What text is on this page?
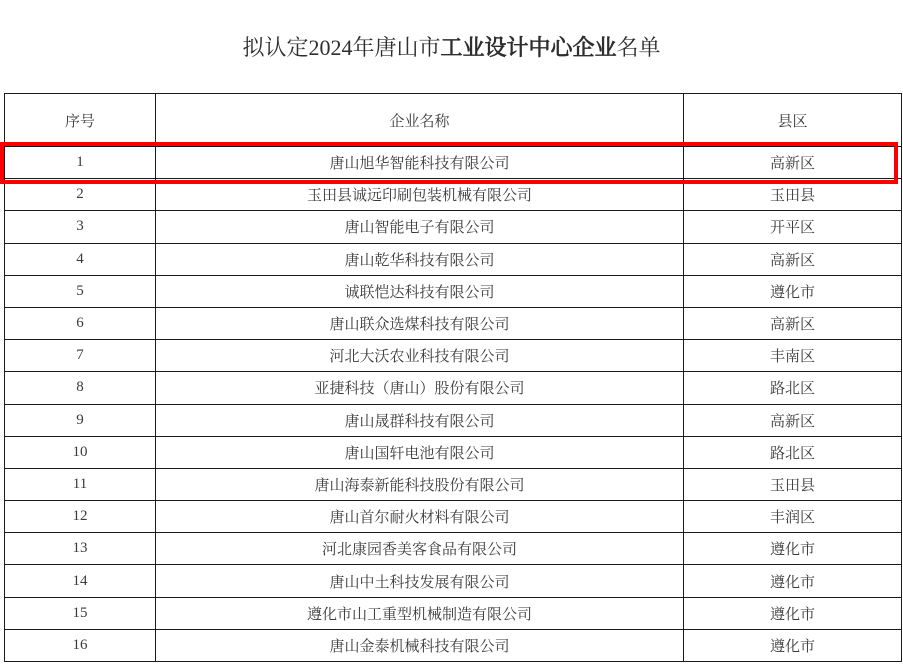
拟认定2024年唐山市工业设计中心企业名单
序号	企业名称	县区
1	唐山旭华智能科技有限公司	高新区
2	玉田县诚远印刷包装机械有限公司	玉田县
3	唐山智能电子有限公司	开平区
4	唐山乾华科技有限公司	高新区
5	诚联恺达科技有限公司	遵化市
6	唐山联众选煤科技有限公司	高新区
7	河北大沃农业科技有限公司	丰南区
8	亚捷科技（唐山）股份有限公司	路北区
9	唐山晟群科技有限公司	高新区
10	唐山国轩电池有限公司	路北区
11	唐山海泰新能科技股份有限公司	玉田县
12	唐山首尔耐火材料有限公司	丰润区
13	河北康园香美客食品有限公司	遵化市
14	唐山中土科技发展有限公司	遵化市
15	遵化市山工重型机械制造有限公司	遵化市
16	唐山金泰机械科技有限公司	遵化市
